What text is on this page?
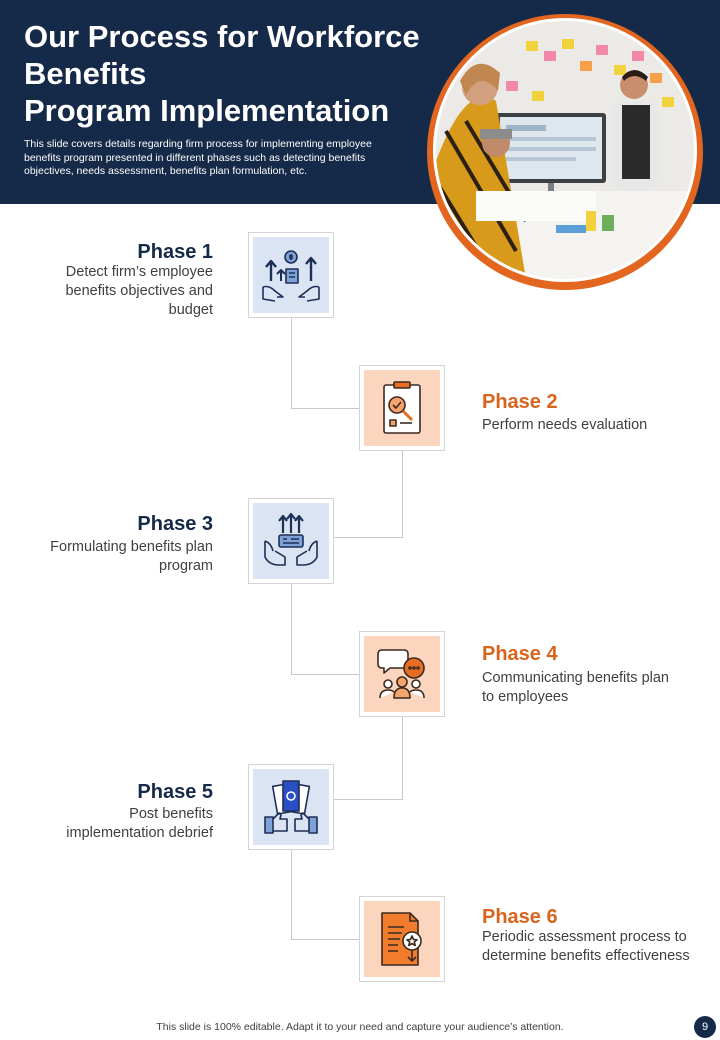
Our Process for Workforce
Benefits
Program Implementation

This slide covers details regarding firm process for implementing employee benefits program presented in different phases such as detecting benefits objectives, needs assessment, benefits plan formulation, etc.

Phase 1

Detect firm’s employee benefits objectives and budget

Phase 2

Perform needs evaluation

Phase 3

Formulating benefits plan program

Phase 4

Communicating benefits plan to employees

Phase 5

Post benefits implementation debrief

Phase 6

Periodic assessment process to determine benefits effectiveness

This slide is 100% editable. Adapt it to your need and capture your audience’s attention.	9
